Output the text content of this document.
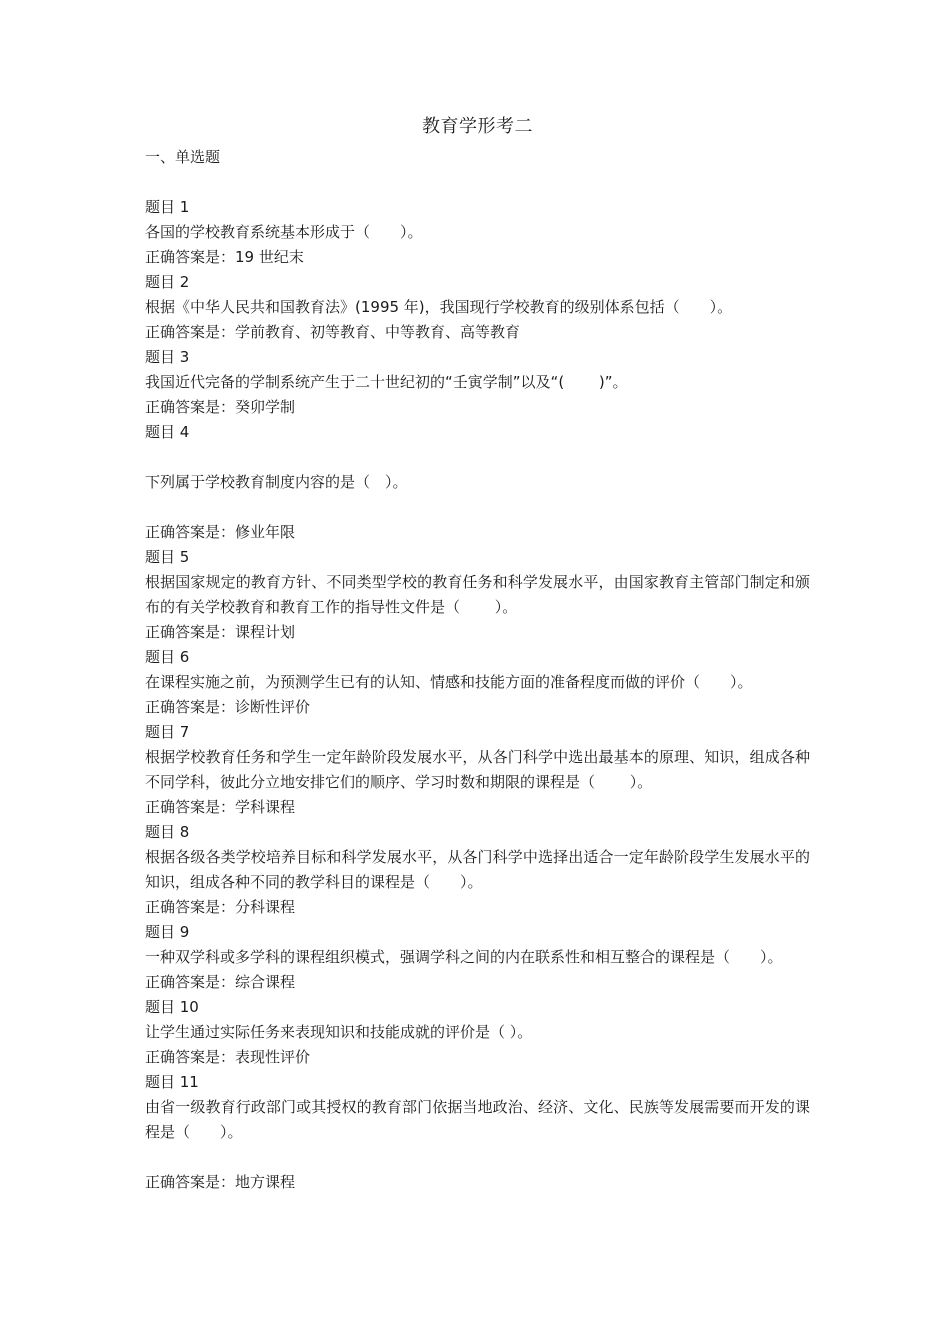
教育学形考二
一、单选题
题目 1
各国的学校教育系统基本形成于（　　）。
正确答案是：19 世纪末
题目 2
根据《中华人民共和国教育法》(1995 年)，我国现行学校教育的级别体系包括（　　）。
正确答案是：学前教育、初等教育、中等教育、高等教育
题目 3
我国近代完备的学制系统产生于二十世纪初的“壬寅学制”以及“(　　 )”。
正确答案是：癸卯学制
题目 4
下列属于学校教育制度内容的是（　）。
正确答案是：修业年限
题目 5
根据国家规定的教育方针、不同类型学校的教育任务和科学发展水平，由国家教育主管部门制定和颁布的有关学校教育和教育工作的指导性文件是（　　 ）。
正确答案是：课程计划
题目 6
在课程实施之前，为预测学生已有的认知、情感和技能方面的准备程度而做的评价（　　）。
正确答案是：诊断性评价
题目 7
根据学校教育任务和学生一定年龄阶段发展水平，从各门科学中选出最基本的原理、知识，组成各种不同学科，彼此分立地安排它们的顺序、学习时数和期限的课程是（　　 ）。
正确答案是：学科课程
题目 8
根据各级各类学校培养目标和科学发展水平，从各门科学中选择出适合一定年龄阶段学生发展水平的知识，组成各种不同的教学科目的课程是（　　）。
正确答案是：分科课程
题目 9
一种双学科或多学科的课程组织模式，强调学科之间的内在联系性和相互整合的课程是（　　）。
正确答案是：综合课程
题目 10
让学生通过实际任务来表现知识和技能成就的评价是（ ）。
正确答案是：表现性评价
题目 11
由省一级教育行政部门或其授权的教育部门依据当地政治、经济、文化、民族等发展需要而开发的课程是（　　）。
正确答案是：地方课程
